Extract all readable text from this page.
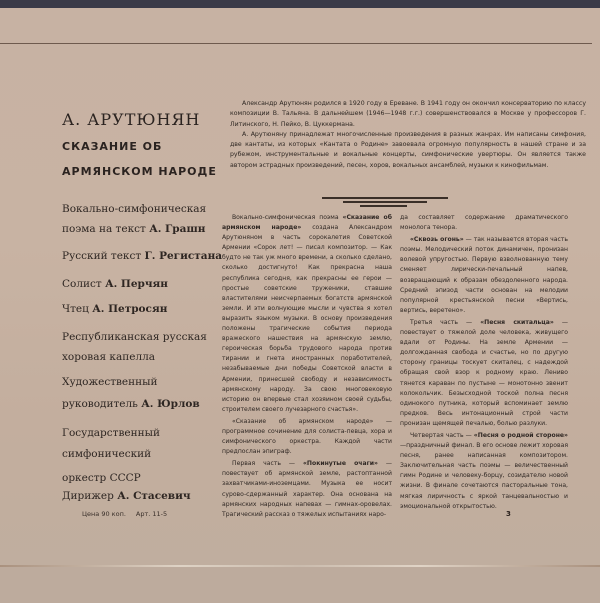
А. АРУТЮНЯН
СКАЗАНИЕ ОБ
АРМЯНСКОМ НАРОДЕ
Вокально-симфоническая
поэма на текст А. Грашн
Русский текст Г. Регистана
Солист А. Перчян
Чтец А. Петросян
Республиканская русская
хоровая капелла
Художественный
руководитель А. Юрлов
Государственный
симфонический
оркестр СССР
Дирижер А. Стасевич

Александр Арутюнян родился в 1920 году в Ереване. В 1941 году он окончил консерваторию по классу композиции В. Тальяна. В дальнейшем (1946—1948 г.г.) совершенствовался в Москве у профессоров Г. Литинского, Н. Пейко, В. Цуккермана.

А. Арутюняну принадлежат многочисленные произведения в разных жанрах. Им написаны симфония, две кантаты, из которых «Кантата о Родине» завоевала огромную популярность в нашей стране и за рубежом, инструментальные и вокальные концерты, симфонические увертюры. Он является также автором эстрадных произведений, песен, хоров, вокальных ансамблей, музыки к кинофильмам.

Вокально-симфоническая поэма «Сказание об армянском народе» создана Александром Арутюняном в часть сорокалетия Советской Армении «Сорок лет! — писал композитор. — Как будто не так уж много времени, а сколько сделано, сколько достигнуто! Как прекрасна наша республика сегодня, как прекрасны ее герои — простые советские труженики, ставшие властителями неисчерпаемых богатств армянской земли. И эти волнующие мысли и чувства я хотел выразить языком музыки. В основу произведения положены трагические события периода вражеского нашествия на армянскую землю, героическая борьба трудового народа против тирании и гнета иностранных поработителей, незабываемые дни победы Советской власти в Армении, принесшей свободу и независимость армянскому народу. За свою многовековую историю он впервые стал хозяином своей судьбы, строителем своего лучезарного счастья».

«Сказание об армянском народе» — программное сочинение для солиста-певца, хора и симфонического оркестра. Каждой части предпослан эпиграф.

Первая часть — «Покинутые очаги» — повествует об армянской земле, растоптанной захватчиками-иноземцами. Музыка ее носит суровo-сдержанный характер. Она основана на армянских народных напевах — гимнах-оровелах. Трагический рассказ о тяжелых испытаниях наро-

да составляет содержание драматического монолога тенора.

«Сквозь огонь» — так называется вторая часть поэмы. Мелодический поток динамичен, пронизан волевой упругостью. Первую взволнованную тему сменяет лирически-печальный напев, возвращающий к образам обездоленного народа. Средний эпизод части основан на мелодии популярной крестьянской песни «Вертись, вертись, веретено».

Третья часть — «Песня скитальца» — повествует о тяжелой доле человека, живущего вдали от Родины. На земле Армении — долгожданная свобода и счастье, но по другую сторону границы тоскует скиталец, с надеждой обращая свой взор к родному краю. Лениво тянется караван по пустыне — монотонно звенит колокольчик. Безысходной тоской полна песня одинокого путника, который вспоминает землю предков. Весь интонационный строй части пронизан щемящей печалью, болью разлуки.

Четвертая часть — «Песня о родной стороне» —праздничный финал. В его основе лежит хоровая песня, ранее написанная композитором. Заключительная часть поэмы — величественный гимн Родине и человеку-борцу, созидателю новой жизни. В финале сочетаются пасторальные тона, мягкая лиричность с яркой танцевальностью и эмоциональной открытостью.

Цена 90 коп. Арт. 11-5	3
